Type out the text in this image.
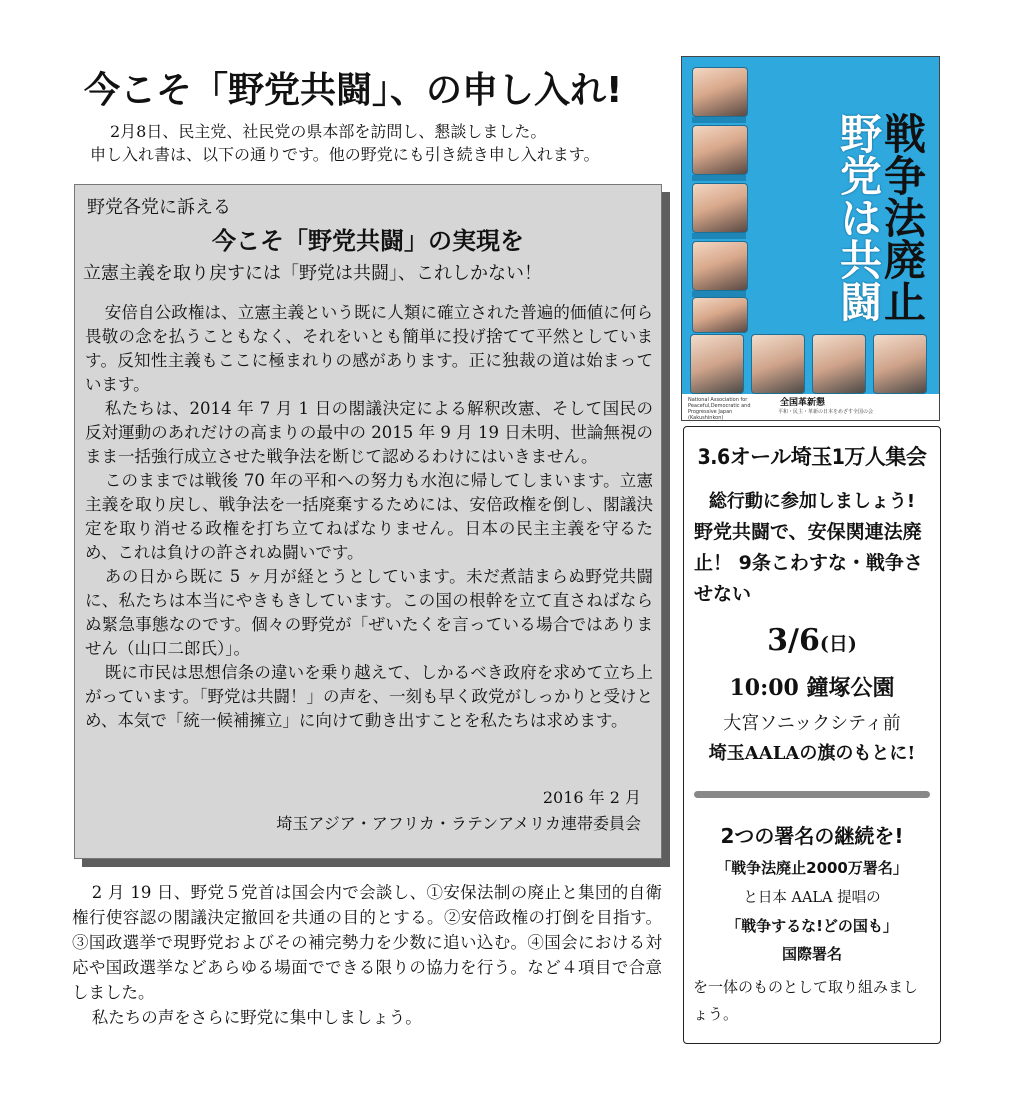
今こそ「野党共闘」、の申し入れ!

2月8日、民主党、社民党の県本部を訪問し、懇談しました。

申し入れ書は、以下の通りです。他の野党にも引き続き申し入れます。

野党各党に訴える
今こそ「野党共闘」の実現を
立憲主義を取り戻すには「野党は共闘」、これしかない！

安倍自公政権は、立憲主義という既に人類に確立された普遍的価値に何ら畏敬の念を払うこともなく、それをいとも簡単に投げ捨てて平然としています。反知性主義もここに極まれりの感があります。正に独裁の道は始まっています。

私たちは、2014 年 7 月 1 日の閣議決定による解釈改憲、そして国民の反対運動のあれだけの高まりの最中の 2015 年 9 月 19 日未明、世論無視のまま一括強行成立させた戦争法を断じて認めるわけにはいきません。

このままでは戦後 70 年の平和への努力も水泡に帰してしまいます。立憲主義を取り戻し、戦争法を一括廃棄するためには、安倍政権を倒し、閣議決定を取り消せる政権を打ち立てねばなりません。日本の民主主義を守るため、これは負けの許されぬ闘いです。

あの日から既に 5 ヶ月が経とうとしています。未だ煮詰まらぬ野党共闘に、私たちは本当にやきもきしています。この国の根幹を立て直さねばならぬ緊急事態なのです。個々の野党が「ぜいたくを言っている場合ではありません（山口二郎氏）」。

既に市民は思想信条の違いを乗り越えて、しかるべき政府を求めて立ち上がっています。「野党は共闘！」の声を、一刻も早く政党がしっかりと受けとめ、本気で「統一候補擁立」に向けて動き出すことを私たちは求めます。

2016 年 2 月
埼玉アジア・アフリカ・ラテンアメリカ連帯委員会

2 月 19 日、野党５党首は国会内で会談し、①安保法制の廃止と集団的自衛権行使容認の閣議決定撤回を共通の目的とする。②安倍政権の打倒を目指す。③国政選挙で現野党およびその補完勢力を少数に追い込む。④国会における対応や国政選挙などあらゆる場面でできる限りの協力を行う。など４項目で合意しました。

私たちの声をさらに野党に集中しましょう。

野党は共闘
戦争法廃止
National Association for Peaceful,Democratic and Progressive Japan (Kakushinkon)
全国革新懇
平和・民主・革新の日本をめざす全国の会
3.6オール埼玉1万人集会
総行動に参加しましょう!
野党共闘で、安保関連法廃止！ 9条こわすな・戦争させない
3/6(日)
10:00 鐘塚公園
大宮ソニックシティ前
埼玉AALAの旗のもとに!
2つの署名の継続を!
「戦争法廃止2000万署名」
と日本 AALA 提唱の
「戦争するな!どの国も」
国際署名
を一体のものとして取り組みましょう。
